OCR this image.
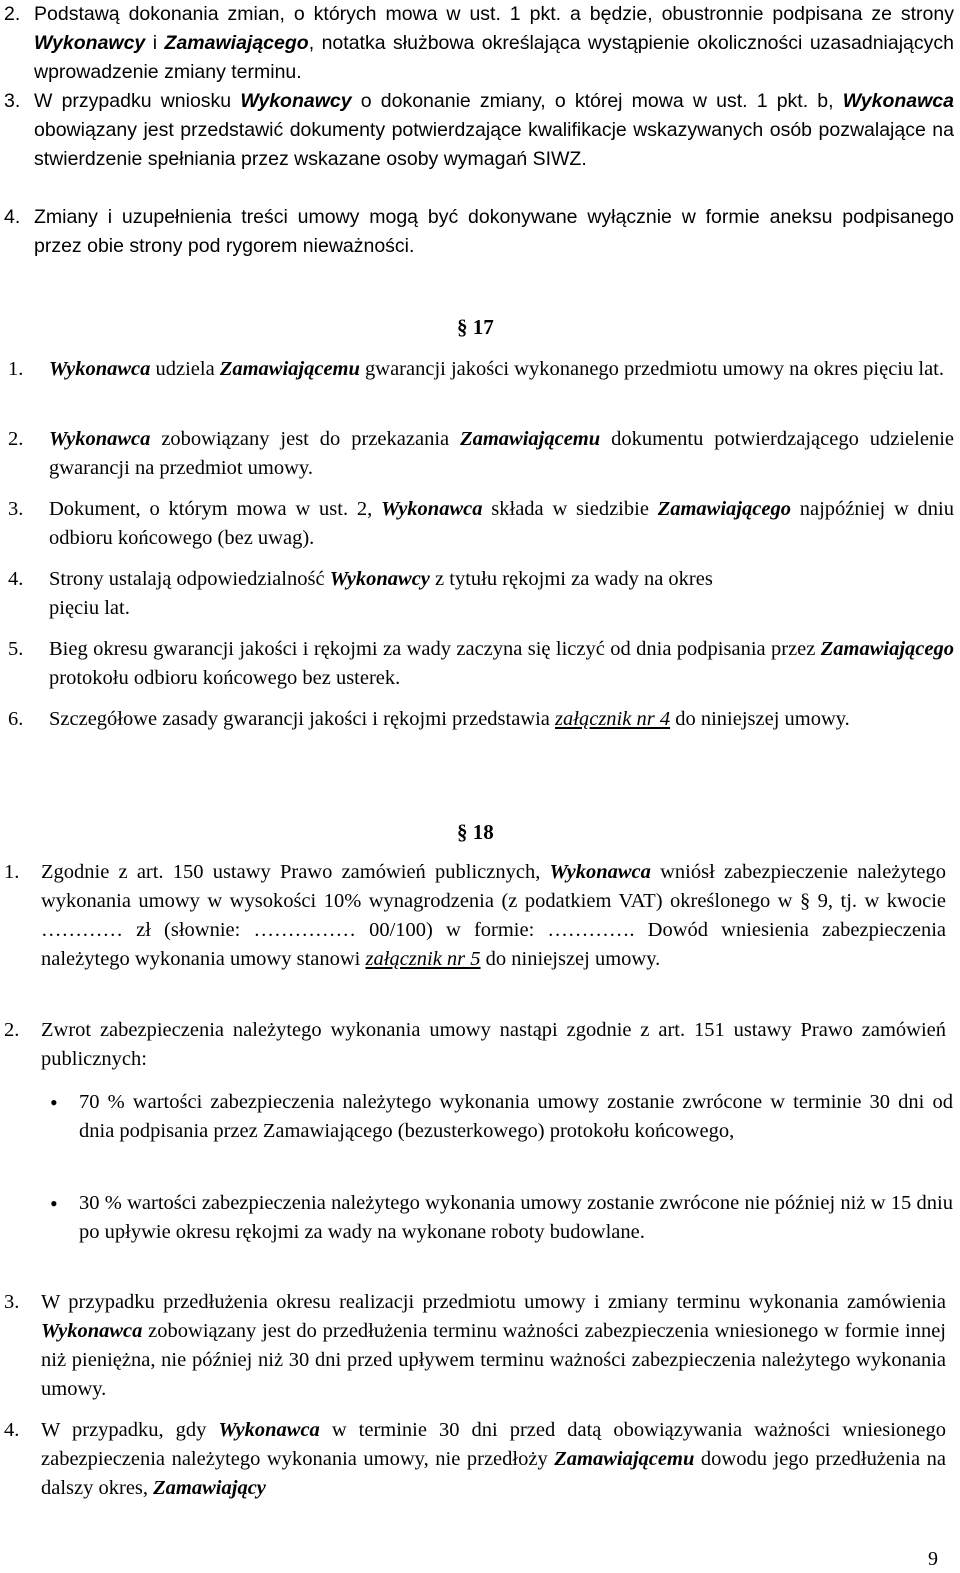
2. Podstawą dokonania zmian, o których mowa w ust. 1 pkt. a będzie, obustronnie podpisana ze strony Wykonawcy i Zamawiającego, notatka służbowa określająca wystąpienie okoliczności uzasadniających wprowadzenie zmiany terminu.

3. W przypadku wniosku Wykonawcy o dokonanie zmiany, o której mowa w ust. 1 pkt. b, Wykonawca obowiązany jest przedstawić dokumenty potwierdzające kwalifikacje wskazywanych osób pozwalające na stwierdzenie spełniania przez wskazane osoby wymagań SIWZ.

4. Zmiany i uzupełnienia treści umowy mogą być dokonywane wyłącznie w formie aneksu podpisanego przez obie strony pod rygorem nieważności.

§ 17
1. Wykonawca udziela Zamawiającemu gwarancji jakości wykonanego przedmiotu umowy na okres pięciu lat.

2. Wykonawca zobowiązany jest do przekazania Zamawiającemu dokumentu potwierdzającego udzielenie gwarancji na przedmiot umowy.

3. Dokument, o którym mowa w ust. 2, Wykonawca składa w siedzibie Zamawiającego najpóźniej w dniu odbioru końcowego (bez uwag).

4. Strony ustalają odpowiedzialność Wykonawcy z tytułu rękojmi za wady na okres
pięciu lat.

5. Bieg okresu gwarancji jakości i rękojmi za wady zaczyna się liczyć od dnia podpisania przez Zamawiającego protokołu odbioru końcowego bez usterek.

6. Szczegółowe zasady gwarancji jakości i rękojmi przedstawia załącznik nr 4 do niniejszej umowy.

§ 18
1. Zgodnie z art. 150 ustawy Prawo zamówień publicznych, Wykonawca wniósł zabezpieczenie należytego wykonania umowy w wysokości 10% wynagrodzenia (z podatkiem VAT) określonego w § 9, tj. w kwocie ………… zł (słownie: …………… 00/100) w formie: …………. Dowód wniesienia zabezpieczenia należytego wykonania umowy stanowi załącznik nr 5 do niniejszej umowy.

2. Zwrot zabezpieczenia należytego wykonania umowy nastąpi zgodnie z art. 151 ustawy Prawo zamówień publicznych:

• 70 % wartości zabezpieczenia należytego wykonania umowy zostanie zwrócone w terminie 30 dni od dnia podpisania przez Zamawiającego (bezusterkowego) protokołu końcowego,

• 30 % wartości zabezpieczenia należytego wykonania umowy zostanie zwrócone nie później niż w 15 dniu po upływie okresu rękojmi za wady na wykonane roboty budowlane.

3. W przypadku przedłużenia okresu realizacji przedmiotu umowy i zmiany terminu wykonania zamówienia Wykonawca zobowiązany jest do przedłużenia terminu ważności zabezpieczenia wniesionego w formie innej niż pieniężna, nie później niż 30 dni przed upływem terminu ważności zabezpieczenia należytego wykonania umowy.

4. W przypadku, gdy Wykonawca w terminie 30 dni przed datą obowiązywania ważności wniesionego zabezpieczenia należytego wykonania umowy, nie przedłoży Zamawiającemu dowodu jego przedłużenia na dalszy okres, Zamawiający

9
